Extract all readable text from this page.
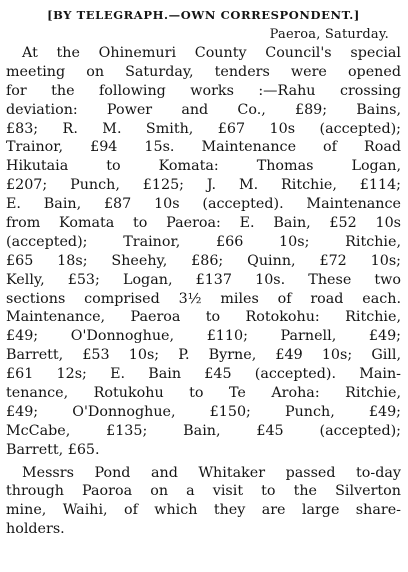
[BY TELEGRAPH.—OWN CORRESPONDENT.]
Paeroa, Saturday.
At the Ohinemuri County Council's special
meeting on Saturday, tenders were opened
for the following works :—Rahu crossing
deviation: Power and Co., £89; Bains,
£83; R. M. Smith, £67 10s (accepted);
Trainor, £94 15s. Maintenance of Road
Hikutaia to Komata: Thomas Logan,
£207; Punch, £125; J. M. Ritchie, £114;
E. Bain, £87 10s (accepted). Maintenance
from Komata to Paeroa: E. Bain, £52 10s
(accepted); Trainor, £66 10s; Ritchie,
£65 18s; Sheehy, £86; Quinn, £72 10s;
Kelly, £53; Logan, £137 10s. These two
sections comprised 3½ miles of road each.
Maintenance, Paeroa to Rotokohu: Ritchie,
£49; O'Donnoghue, £110; Parnell, £49;
Barrett, £53 10s; P. Byrne, £49 10s; Gill,
£61 12s; E. Bain £45 (accepted). Main-
tenance, Rotukohu to Te Aroha: Ritchie,
£49; O'Donnoghue, £150; Punch, £49;
McCabe, £135; Bain, £45 (accepted);
Barrett, £65.
Messrs Pond and Whitaker passed to-day
through Paoroa on a visit to the Silverton
mine, Waihi, of which they are large share-
holders.
